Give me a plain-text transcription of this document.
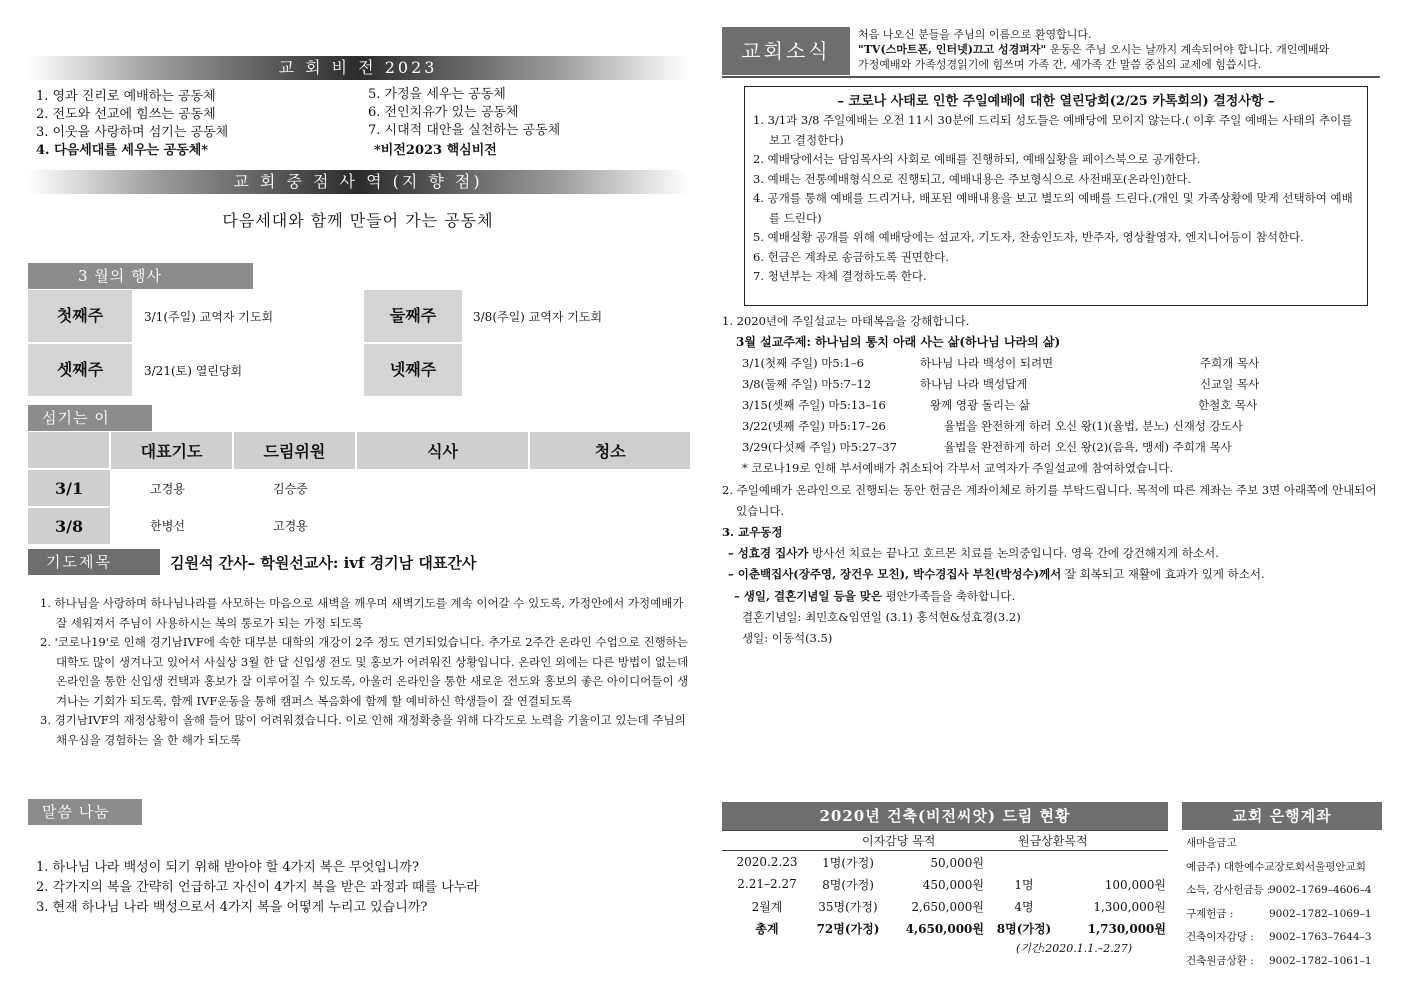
교 회 비 전 2023
1. 영과 진리로 예배하는 공동체
2. 전도와 선교에 힘쓰는 공동체
3. 이웃을 사랑하며 섬기는 공동체
4. 다음세대를 세우는 공동체*
5. 가정을 세우는 공동체
6. 전인치유가 있는 공동체
7. 시대적 대안을 실천하는 공동체
*비전2023 핵심비전
교 회 중 점 사 역 (지 향 점)
다음세대와 함께 만들어 가는 공동체
3 월의 행사
첫째주	3/1(주일) 교역자 기도회	둘째주	3/8(주일) 교역자 기도회
셋째주	3/21(토) 열린당회	넷째주
섬기는 이
	대표기도	드림위원	식사	청소
3/1	고경용	김승중		
3/8	한병선	고경용		
기도제목	김원석 간사– 학원선교사: ivf 경기남 대표간사
1. 하나님을 사랑하며 하나님나라를 사모하는 마음으로 새벽을 깨우며 새벽기도를 계속 이어갈 수 있도록, 가정안에서 가정예배가 잘 세워져서 주님이 사용하시는 복의 통로가 되는 가정 되도록
2. '코로나19'로 인해 경기남IVF에 속한 대부분 대학의 개강이 2주 정도 연기되었습니다. 추가로 2주간 온라인 수업으로 진행하는 대학도 많이 생겨나고 있어서 사실상 3월 한 달 신입생 전도 및 홍보가 어려워진 상황입니다. 온라인 외에는 다른 방법이 없는데 온라인을 통한 신입생 컨택과 홍보가 잘 이루어질 수 있도록, 아울러 온라인을 통한 새로운 전도와 홍보의 좋은 아이디어들이 생겨나는 기회가 되도록, 함께 IVF운동을 통해 캠퍼스 복음화에 함께 할 예비하신 학생들이 잘 연결되도록
3. 경기남IVF의 재정상황이 올해 들어 많이 어려워졌습니다. 이로 인해 재정확충을 위해 다각도로 노력을 기울이고 있는데 주님의 채우심을 경험하는 올 한 해가 되도록
말씀 나눔
1. 하나님 나라 백성이 되기 위해 받아야 할 4가지 복은 무엇입니까?
2. 각가지의 복을 간략히 언급하고 자신이 4가지 복을 받은 과정과 때를 나누라
3. 현재 하나님 나라 백성으로서 4가지 복을 어떻게 누리고 있습니까?
교회소식
처음 나오신 분들을 주님의 이름으로 환영합니다.
"TV(스마트폰, 인터넷)끄고 성경펴자" 운동은 주님 오시는 날까지 계속되어야 합니다. 개인예배와
가정예배와 가족성경읽기에 힘쓰며 가족 간, 세가족 간 말씀 중심의 교제에 힘씁시다.
– 코로나 사태로 인한 주일예배에 대한 열린당회(2/25 카톡회의) 결정사항 –
1. 3/1과 3/8 주일예배는 오전 11시 30분에 드리되 성도들은 예배당에 모이지 않는다.( 이후 주일 예배는 사태의 추이를 보고 결정한다)
2. 예배당에서는 담임목사의 사회로 예배를 진행하되, 예배실황을 페이스북으로 공개한다.
3. 예배는 전통예배형식으로 진행되고, 예배내용은 주보형식으로 사전배포(온라인)한다.
4. 공개를 통해 예배를 드리거나, 배포된 예배내용을 보고 별도의 예배를 드린다.(개인 및 가족상황에 맞게 선택하여 예배를 드린다)
5. 예배실황 공개를 위해 예배당에는 설교자, 기도자, 찬송인도자, 반주자, 영상촬영자, 엔지니어등이 참석한다.
6. 헌금은 계좌로 송금하도록 권면한다.
7. 청년부는 자체 결정하도록 한다.
1. 2020년에 주일설교는 마태복음을 강해합니다.
3월 설교주제: 하나님의 통치 아래 사는 삶(하나님 나라의 삶)
3/1(첫째 주일) 마5:1–6	하나님 나라 백성이 되려면	주희개 목사
3/8(둘째 주일) 마5:7–12	하나님 나라 백성답게	신교일 목사
3/15(셋째 주일) 마5:13–16	왕께 영광 돌리는 삶	한철호 목사
3/22(넷째 주일) 마5:17–26	율법을 완전하게 하러 오신 왕(1)(율법, 분노) 신재성 강도사
3/29(다섯째 주일) 마5:27–37	율법을 완전하게 하러 오신 왕(2)(음욕, 맹세) 주희개 목사
* 코로나19로 인해 부서예배가 취소되어 각부서 교역자가 주일설교에 참여하였습니다.
2. 주일예배가 온라인으로 진행되는 동안 헌금은 계좌이체로 하기를 부탁드립니다. 목적에 따른 계좌는 주보 3면 아래쪽에 안내되어 있습니다.
3. 교우동정
– 성효경 집사가 방사선 치료는 끝나고 호르몬 치료를 논의중입니다. 영육 간에 강건해지게 하소서.
– 이춘백집사(장주영, 장건우 모친), 박수경집사 부친(박성수)께서 잘 회복되고 재활에 효과가 있게 하소서.
– 생일, 결혼기념일 등을 맞은 평안가족들을 축하합니다.
결혼기념일: 최민호&임연일 (3.1) 홍석현&성효경(3.2)
생일: 이동석(3.5)
2020년 건축(비전씨앗) 드림 현황
이자감당 목적	원금상환목적
2020.2.23	1명(가정)	50,000원		
2.21–2.27	8명(가정)	450,000원	1명	100,000원
2월계	35명(가정)	2,650,000원	4명	1,300,000원
총계	72명(가정)	4,650,000원	8명(가정)	1,730,000원
(기간:2020.1.1.–2.27)
교회 은행계좌
새마을금고
예금주) 대한예수교장로회서울평안교회
소득, 감사헌금등 :
9002–1769–4606–4
구제헌금 :	9002–1782–1069–1
건축이자감당 : 9002–1763–7644–3
건축원금상환 : 9002–1782–1061–1
